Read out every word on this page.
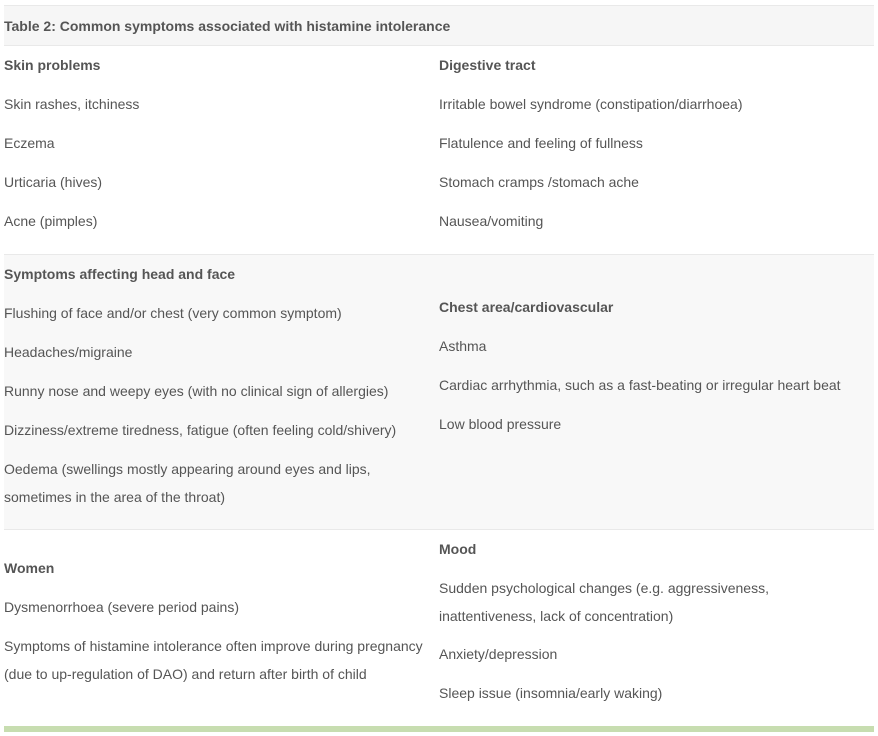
Table 2: Common symptoms associated with histamine intolerance
Skin problems
Skin rashes, itchiness
Eczema
Urticaria (hives)
Acne (pimples)
Digestive tract
Irritable bowel syndrome (constipation/diarrhoea)
Flatulence and feeling of fullness
Stomach cramps /stomach ache
Nausea/vomiting
Symptoms affecting head and face
Flushing of face and/or chest (very common symptom)
Headaches/migraine
Runny nose and weepy eyes (with no clinical sign of allergies)
Dizziness/extreme tiredness, fatigue (often feeling cold/shivery)
Oedema (swellings mostly appearing around eyes and lips, sometimes in the area of the throat)
Chest area/cardiovascular
Asthma
Cardiac arrhythmia, such as a fast-beating or irregular heart beat
Low blood pressure
Women
Dysmenorrhoea (severe period pains)
Symptoms of histamine intolerance often improve during pregnancy (due to up-regulation of DAO) and return after birth of child
Mood
Sudden psychological changes (e.g. aggressiveness, inattentiveness, lack of concentration)
Anxiety/depression
Sleep issue (insomnia/early waking)
